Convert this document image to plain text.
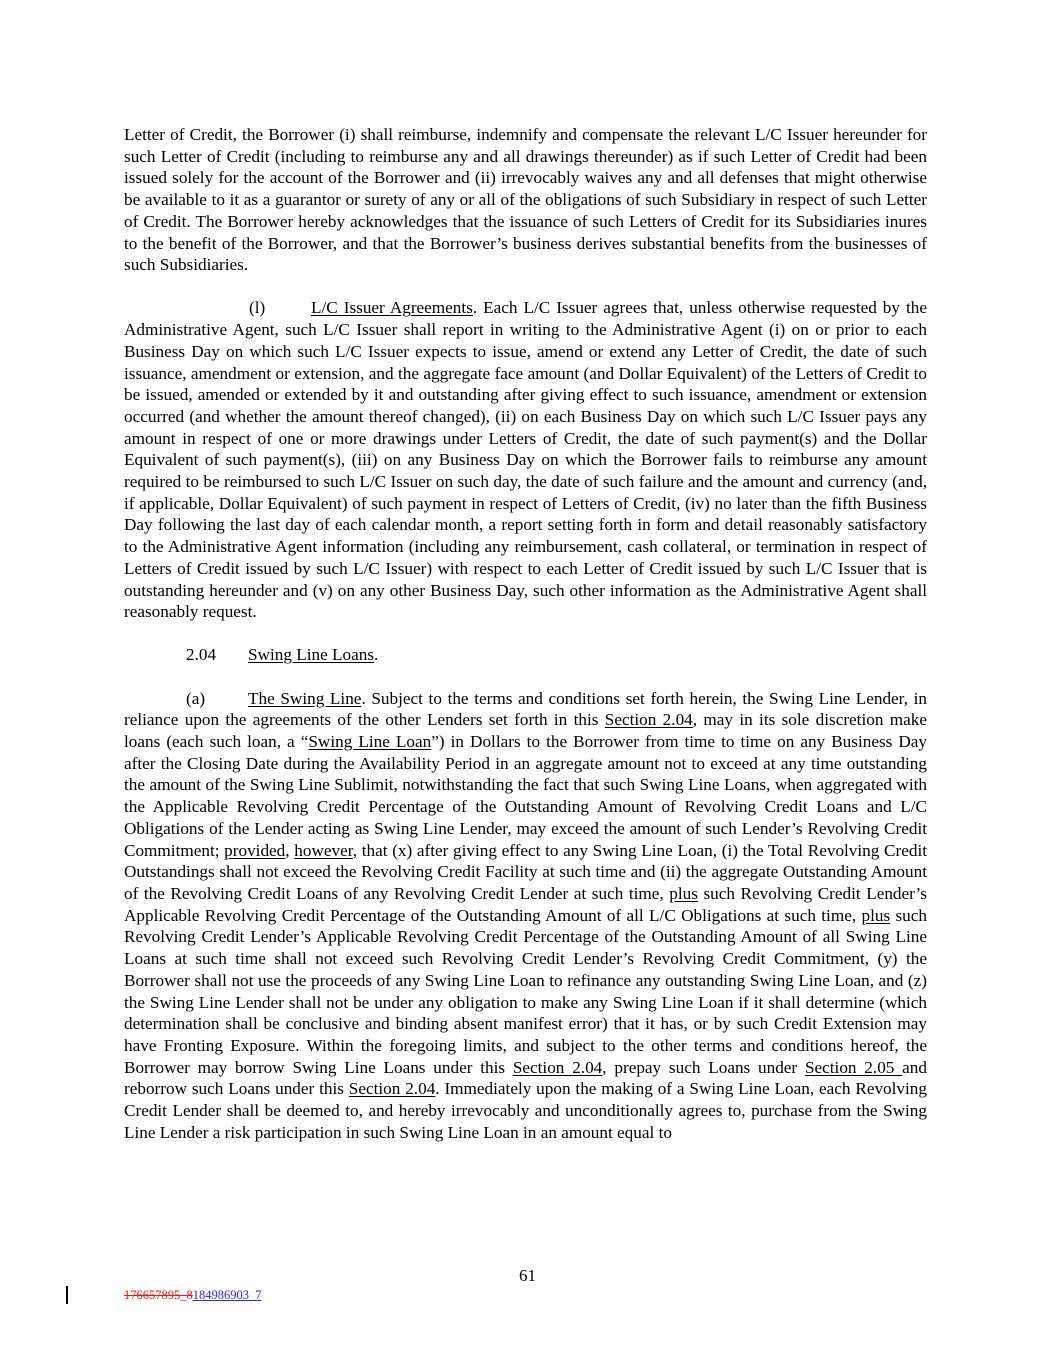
Letter of Credit, the Borrower (i) shall reimburse, indemnify and compensate the relevant L/C Issuer hereunder for such Letter of Credit (including to reimburse any and all drawings thereunder) as if such Letter of Credit had been issued solely for the account of the Borrower and (ii) irrevocably waives any and all defenses that might otherwise be available to it as a guarantor or surety of any or all of the obligations of such Subsidiary in respect of such Letter of Credit. The Borrower hereby acknowledges that the issuance of such Letters of Credit for its Subsidiaries inures to the benefit of the Borrower, and that the Borrower’s business derives substantial benefits from the businesses of such Subsidiaries.

(l)	L/C Issuer Agreements. Each L/C Issuer agrees that, unless otherwise requested by the Administrative Agent, such L/C Issuer shall report in writing to the Administrative Agent (i) on or prior to each Business Day on which such L/C Issuer expects to issue, amend or extend any Letter of Credit, the date of such issuance, amendment or extension, and the aggregate face amount (and Dollar Equivalent) of the Letters of Credit to be issued, amended or extended by it and outstanding after giving effect to such issuance, amendment or extension occurred (and whether the amount thereof changed), (ii) on each Business Day on which such L/C Issuer pays any amount in respect of one or more drawings under Letters of Credit, the date of such payment(s) and the Dollar Equivalent of such payment(s), (iii) on any Business Day on which the Borrower fails to reimburse any amount required to be reimbursed to such L/C Issuer on such day, the date of such failure and the amount and currency (and, if applicable, Dollar Equivalent) of such payment in respect of Letters of Credit, (iv) no later than the fifth Business Day following the last day of each calendar month, a report setting forth in form and detail reasonably satisfactory to the Administrative Agent information (including any reimbursement, cash collateral, or termination in respect of Letters of Credit issued by such L/C Issuer) with respect to each Letter of Credit issued by such L/C Issuer that is outstanding hereunder and (v) on any other Business Day, such other information as the Administrative Agent shall reasonably request.

2.04 Swing Line Loans.

(a) The Swing Line. Subject to the terms and conditions set forth herein, the Swing Line Lender, in reliance upon the agreements of the other Lenders set forth in this Section 2.04, may in its sole discretion make loans (each such loan, a “Swing Line Loan”) in Dollars to the Borrower from time to time on any Business Day after the Closing Date during the Availability Period in an aggregate amount not to exceed at any time outstanding the amount of the Swing Line Sublimit, notwithstanding the fact that such Swing Line Loans, when aggregated with the Applicable Revolving Credit Percentage of the Outstanding Amount of Revolving Credit Loans and L/C Obligations of the Lender acting as Swing Line Lender, may exceed the amount of such Lender’s Revolving Credit Commitment; provided, however, that (x) after giving effect to any Swing Line Loan, (i) the Total Revolving Credit Outstandings shall not exceed the Revolving Credit Facility at such time and (ii) the aggregate Outstanding Amount of the Revolving Credit Loans of any Revolving Credit Lender at such time, plus such Revolving Credit Lender’s Applicable Revolving Credit Percentage of the Outstanding Amount of all L/C Obligations at such time, plus such Revolving Credit Lender’s Applicable Revolving Credit Percentage of the Outstanding Amount of all Swing Line Loans at such time shall not exceed such Revolving Credit Lender’s Revolving Credit Commitment, (y) the Borrower shall not use the proceeds of any Swing Line Loan to refinance any outstanding Swing Line Loan, and (z) the Swing Line Lender shall not be under any obligation to make any Swing Line Loan if it shall determine (which determination shall be conclusive and binding absent manifest error) that it has, or by such Credit Extension may have Fronting Exposure. Within the foregoing limits, and subject to the other terms and conditions hereof, the Borrower may borrow Swing Line Loans under this Section 2.04, prepay such Loans under Section 2.05 and reborrow such Loans under this Section 2.04. Immediately upon the making of a Swing Line Loan, each Revolving Credit Lender shall be deemed to, and hereby irrevocably and unconditionally agrees to, purchase from the Swing Line Lender a risk participation in such Swing Line Loan in an amount equal to

61
176657895_8184986903_7
